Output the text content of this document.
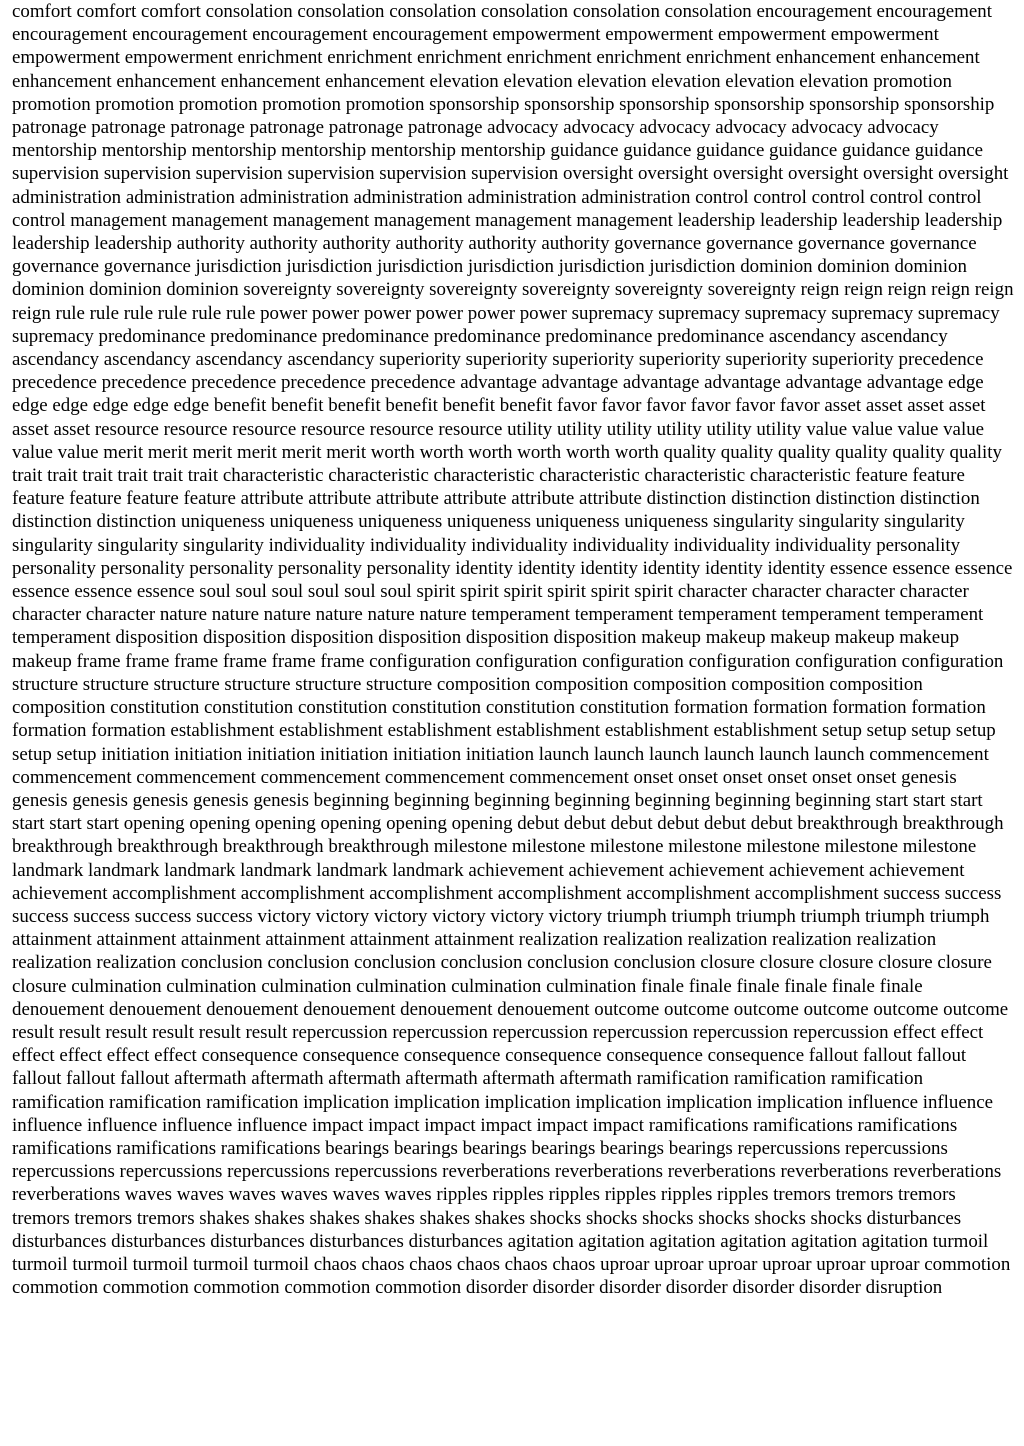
comfort comfort comfort consolation consolation consolation consolation consolation consolation encouragement encouragement encouragement encouragement encouragement encouragement empowerment empowerment empowerment empowerment empowerment empowerment enrichment enrichment enrichment enrichment enrichment enrichment enhancement enhancement enhancement enhancement enhancement enhancement elevation elevation elevation elevation elevation elevation promotion promotion promotion promotion promotion promotion sponsorship sponsorship sponsorship sponsorship sponsorship sponsorship patronage patronage patronage patronage patronage patronage advocacy advocacy advocacy advocacy advocacy advocacy mentorship mentorship mentorship mentorship mentorship mentorship guidance guidance guidance guidance guidance guidance supervision supervision supervision supervision supervision supervision oversight oversight oversight oversight oversight oversight administration administration administration administration administration administration control control control control control control management management management management management management leadership leadership leadership leadership leadership leadership authority authority authority authority authority authority governance governance governance governance governance governance jurisdiction jurisdiction jurisdiction jurisdiction jurisdiction jurisdiction dominion dominion dominion dominion dominion dominion sovereignty sovereignty sovereignty sovereignty sovereignty sovereignty reign reign reign reign reign reign rule rule rule rule rule rule power power power power power power supremacy supremacy supremacy supremacy supremacy supremacy predominance predominance predominance predominance predominance predominance ascendancy ascendancy ascendancy ascendancy ascendancy ascendancy superiority superiority superiority superiority superiority superiority precedence precedence precedence precedence precedence precedence advantage advantage advantage advantage advantage advantage edge edge edge edge edge edge benefit benefit benefit benefit benefit benefit favor favor favor favor favor favor asset asset asset asset asset asset resource resource resource resource resource resource utility utility utility utility utility utility value value value value value value merit merit merit merit merit merit worth worth worth worth worth worth quality quality quality quality quality quality trait trait trait trait trait trait characteristic characteristic characteristic characteristic characteristic characteristic feature feature feature feature feature feature attribute attribute attribute attribute attribute attribute distinction distinction distinction distinction distinction distinction uniqueness uniqueness uniqueness uniqueness uniqueness uniqueness singularity singularity singularity singularity singularity singularity individuality individuality individuality individuality individuality individuality personality personality personality personality personality personality identity identity identity identity identity identity essence essence essence essence essence essence soul soul soul soul soul soul spirit spirit spirit spirit spirit spirit character character character character character character nature nature nature nature nature nature temperament temperament temperament temperament temperament temperament disposition disposition disposition disposition disposition disposition makeup makeup makeup makeup makeup makeup frame frame frame frame frame frame configuration configuration configuration configuration configuration configuration structure structure structure structure structure structure composition composition composition composition composition composition constitution constitution constitution constitution constitution constitution formation formation formation formation formation formation establishment establishment establishment establishment establishment establishment setup setup setup setup setup setup initiation initiation initiation initiation initiation initiation launch launch launch launch launch launch commencement commencement commencement commencement commencement commencement onset onset onset onset onset onset genesis genesis genesis genesis genesis genesis beginning beginning beginning beginning beginning beginning beginning start start start start start start opening opening opening opening opening opening debut debut debut debut debut debut breakthrough breakthrough breakthrough breakthrough breakthrough breakthrough milestone milestone milestone milestone milestone milestone milestone landmark landmark landmark landmark landmark landmark achievement achievement achievement achievement achievement achievement accomplishment accomplishment accomplishment accomplishment accomplishment accomplishment success success success success success success victory victory victory victory victory victory triumph triumph triumph triumph triumph triumph attainment attainment attainment attainment attainment attainment realization realization realization realization realization realization realization conclusion conclusion conclusion conclusion conclusion conclusion closure closure closure closure closure closure culmination culmination culmination culmination culmination culmination finale finale finale finale finale finale denouement denouement denouement denouement denouement denouement outcome outcome outcome outcome outcome outcome result result result result result result repercussion repercussion repercussion repercussion repercussion repercussion effect effect effect effect effect effect consequence consequence consequence consequence consequence consequence fallout fallout fallout fallout fallout fallout aftermath aftermath aftermath aftermath aftermath aftermath ramification ramification ramification ramification ramification ramification implication implication implication implication implication implication influence influence influence influence influence influence impact impact impact impact impact impact ramifications ramifications ramifications ramifications ramifications ramifications bearings bearings bearings bearings bearings bearings repercussions repercussions repercussions repercussions repercussions repercussions reverberations reverberations reverberations reverberations reverberations reverberations waves waves waves waves waves waves ripples ripples ripples ripples ripples ripples tremors tremors tremors tremors tremors tremors shakes shakes shakes shakes shakes shakes shocks shocks shocks shocks shocks shocks disturbances disturbances disturbances disturbances disturbances disturbances agitation agitation agitation agitation agitation agitation turmoil turmoil turmoil turmoil turmoil turmoil chaos chaos chaos chaos chaos chaos uproar uproar uproar uproar uproar uproar commotion commotion commotion commotion commotion commotion disorder disorder disorder disorder disorder disorder disruption
